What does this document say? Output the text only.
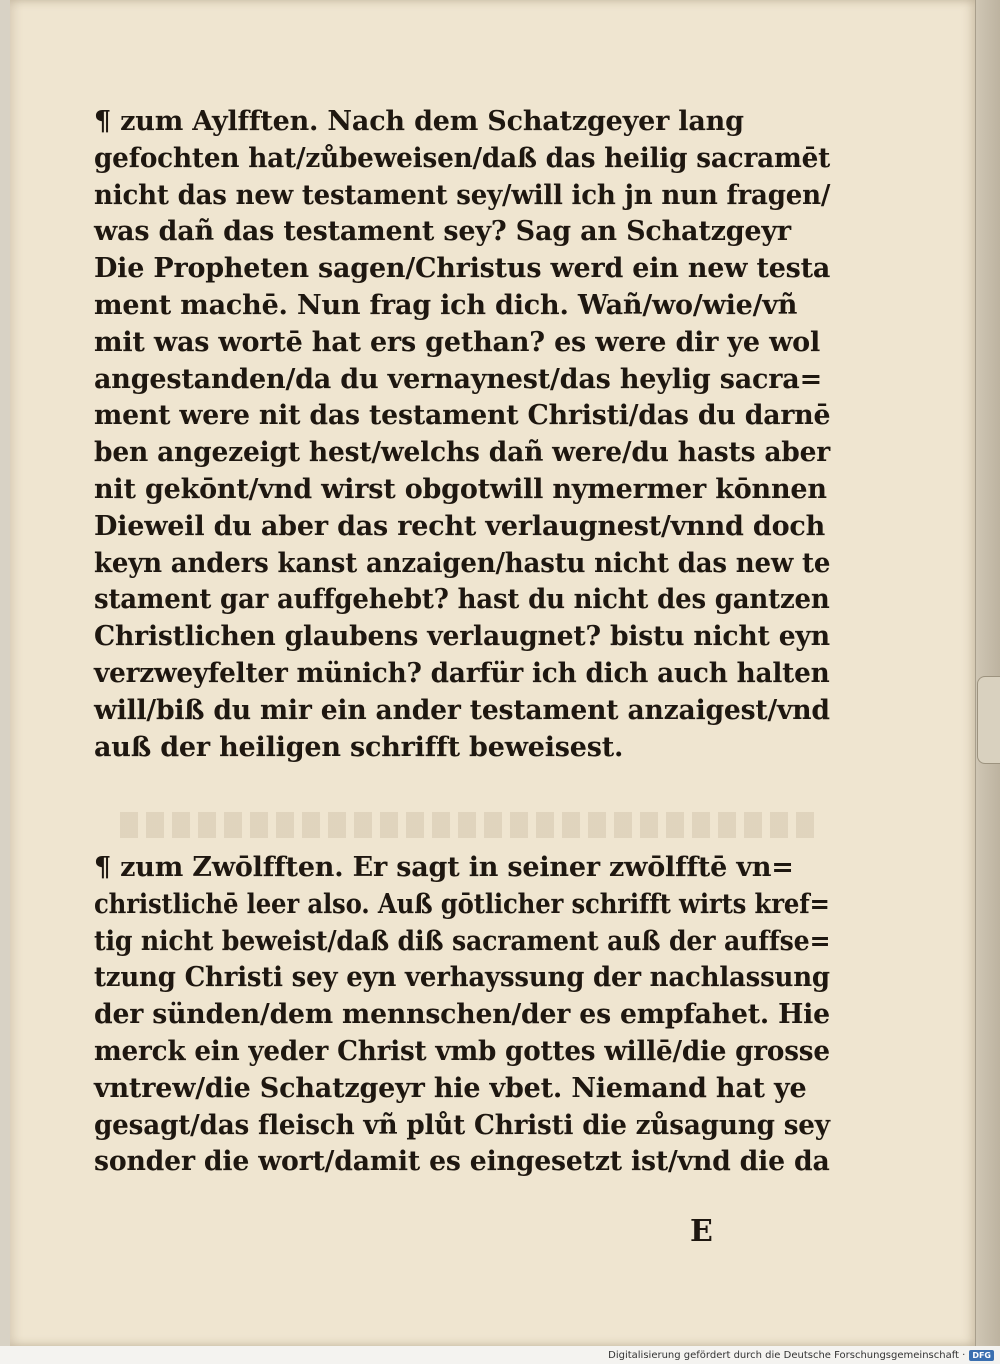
¶ zum Aylfften. Nach dem Schatzgeyer lang
gefochten hat/zůbeweisen/daß das heilig sacramēt
nicht das new testament sey/will ich jn nun fragen/
was dañ das testament sey? Sag an Schatzgeyr
Die Propheten sagen/Christus werd ein new testa
ment machē. Nun frag ich dich. Wañ/wo/wie/vñ
mit was wortē hat ers gethan? es were dir ye wol
angestanden/da du vernaynest/das heylig sacra=
ment were nit das testament Christi/das du darnē
ben angezeigt hest/welchs dañ were/du hasts aber
nit gekōnt/vnd wirst obgotwill nymermer kōnnen
Dieweil du aber das recht verlaugnest/vnnd doch
keyn anders kanst anzaigen/hastu nicht das new te
stament gar auffgehebt? hast du nicht des gantzen
Christlichen glaubens verlaugnet? bistu nicht eyn
verzweyfelter münich? darfür ich dich auch halten
will/biß du mir ein ander testament anzaigest/vnd
auß der heiligen schrifft beweisest.
¶ zum Zwōlfften. Er sagt in seiner zwōlfftē vn=
christlichē leer also. Auß gōtlicher schrifft wirts kref=
tig nicht beweist/daß diß sacrament auß der auffse=
tzung Christi sey eyn verhayssung der nachlassung
der sünden/dem mennschen/der es empfahet. Hie
merck ein yeder Christ vmb gottes willē/die grosse
vntrew/die Schatzgeyr hie vbet. Niemand hat ye
gesagt/das fleisch vñ plůt Christi die zůsagung sey
sonder die wort/damit es eingesetzt ist/vnd die da
E
Digitalisierung gefördert durch die Deutsche Forschungsgemeinschaft · DFG
